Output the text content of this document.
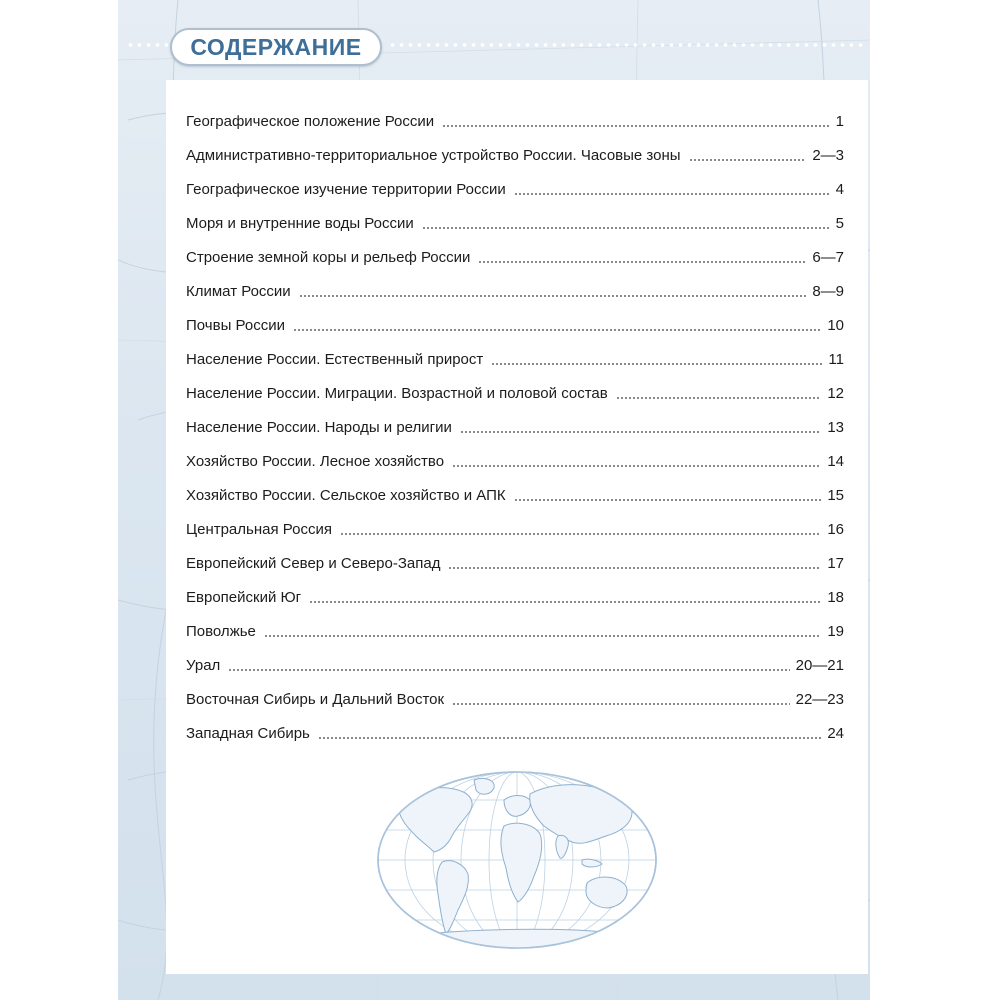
СОДЕРЖАНИЕ
Географическое положение России	1
Административно-территориальное устройство России. Часовые зоны	2—3
Географическое изучение территории России	4
Моря и внутренние воды России	5
Строение земной коры и рельеф России	6—7
Климат России	8—9
Почвы России	10
Население России. Естественный прирост	11
Население России. Миграции. Возрастной и половой состав	12
Население России. Народы и религии	13
Хозяйство России. Лесное хозяйство	14
Хозяйство России. Сельское хозяйство и АПК	15
Центральная Россия	16
Европейский Север и Северо-Запад	17
Европейский Юг	18
Поволжье	19
Урал	20—21
Восточная Сибирь и Дальний Восток	22—23
Западная Сибирь	24
